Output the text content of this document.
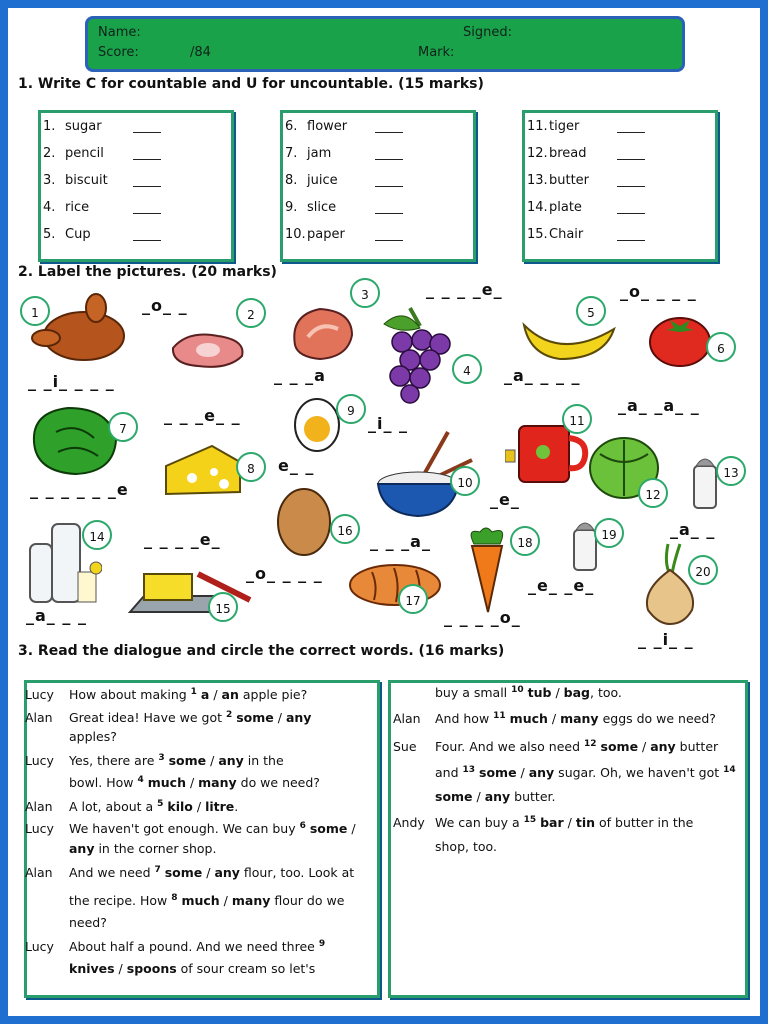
Name:	Signed:
Score:	/84	Mark:
1. Write C for countable and U for uncountable. (15 marks)
1. sugar
2. pencil
3. biscuit
4. rice
5. Cup
6. flower
7. jam
8. juice
9. slice
10. paper
11. tiger
12. bread
13. butter
14. plate
15. Chair
2. Label the pictures. (20 marks)
1	2
3
4
5
6
7
8
9
10
11
12
13
14
15
16
17
18
19
20
_o_ _
_ _ _ _e_	_o_ _ _ _
_ _i_ _ _ _	_ _ _a	_a_ _ _ _
_ _ _e_ _	_i_ _
_a_ _a_ _
_ _ _ _ _ _e
e_ _
_e_
_ _ _ _e_	_ _ _a_
_a_ _
_o_ _ _ _
_e_ _e_
_a_ _ _	_ _ _ _o_
_ _i_ _
3. Read the dialogue and circle the correct words. (16 marks)
Lucy How about making $^1$ a / an apple pie?
Alan Great idea! Have we got $^2$ some / any
apples?
Lucy Yes, there are $^3$ some / any in the
bowl. How $^4$ much / many do we need?
Alan A lot, about a $^5$ kilo / litre.
Lucy We haven't got enough. We can buy $^6$ some /
any in the corner shop.
Alan And we need $^7$ some / any flour, too. Look at
the recipe. How $^8$ much / many flour do we
need?
Lucy About half a pound. And we need three $^9$
knives / spoons of sour cream so let's
buy a small $^{10}$ tub / bag, too.
Alan And how $^{11}$ much / many eggs do we need?
Sue Four. And we also need $^{12}$ some / any butter
and $^{13}$ some / any sugar. Oh, we haven't got $^{14}$
some / any butter.
Andy We can buy a $^{15}$ bar / tin of butter in the
shop, too.
